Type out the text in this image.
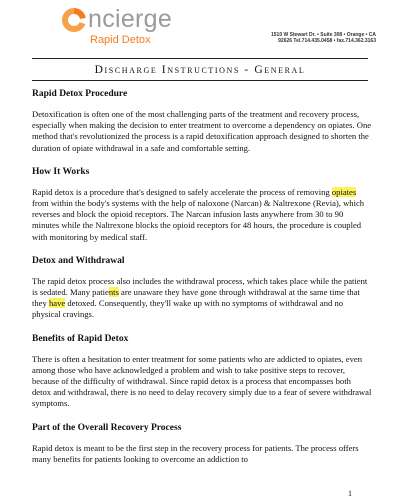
ncierge
Rapid Detox	1510 W Stewart Dr. • Suite 308 • Orange • CA
92626 Tel.714.435.0458 • fax.714.362.3163
Discharge Instructions - General
Rapid Detox Procedure

Detoxification is often one of the most challenging parts of the treatment and recovery process, especially when making the decision to enter treatment to overcome a dependency on opiates. One method that's revolutionized the process is a rapid detoxification approach designed to shorten the duration of opiate withdrawal in a safe and comfortable setting.

How It Works

Rapid detox is a procedure that's designed to safely accelerate the process of removing opiates from within the body's systems with the help of naloxone (Narcan) & Naltrexone (Revia), which reverses and block the opioid receptors. The Narcan infusion lasts anywhere from 30 to 90 minutes while the Naltrexone blocks the opioid receptors for 48 hours, the procedure is coupled with monitoring by medical staff.

Detox and Withdrawal

The rapid detox process also includes the withdrawal process, which takes place while the patient is sedated. Many patients are unaware they have gone through withdrawal at the same time that they have detoxed. Consequently, they'll wake up with no symptoms of withdrawal and no physical cravings.

Benefits of Rapid Detox

There is often a hesitation to enter treatment for some patients who are addicted to opiates, even among those who have acknowledged a problem and wish to take positive steps to recover, because of the difficulty of withdrawal. Since rapid detox is a process that encompasses both detox and withdrawal, there is no need to delay recovery simply due to a fear of severe withdrawal symptoms.

Part of the Overall Recovery Process

Rapid detox is meant to be the first step in the recovery process for patients. The process offers many benefits for patients looking to overcome an addiction to

1
